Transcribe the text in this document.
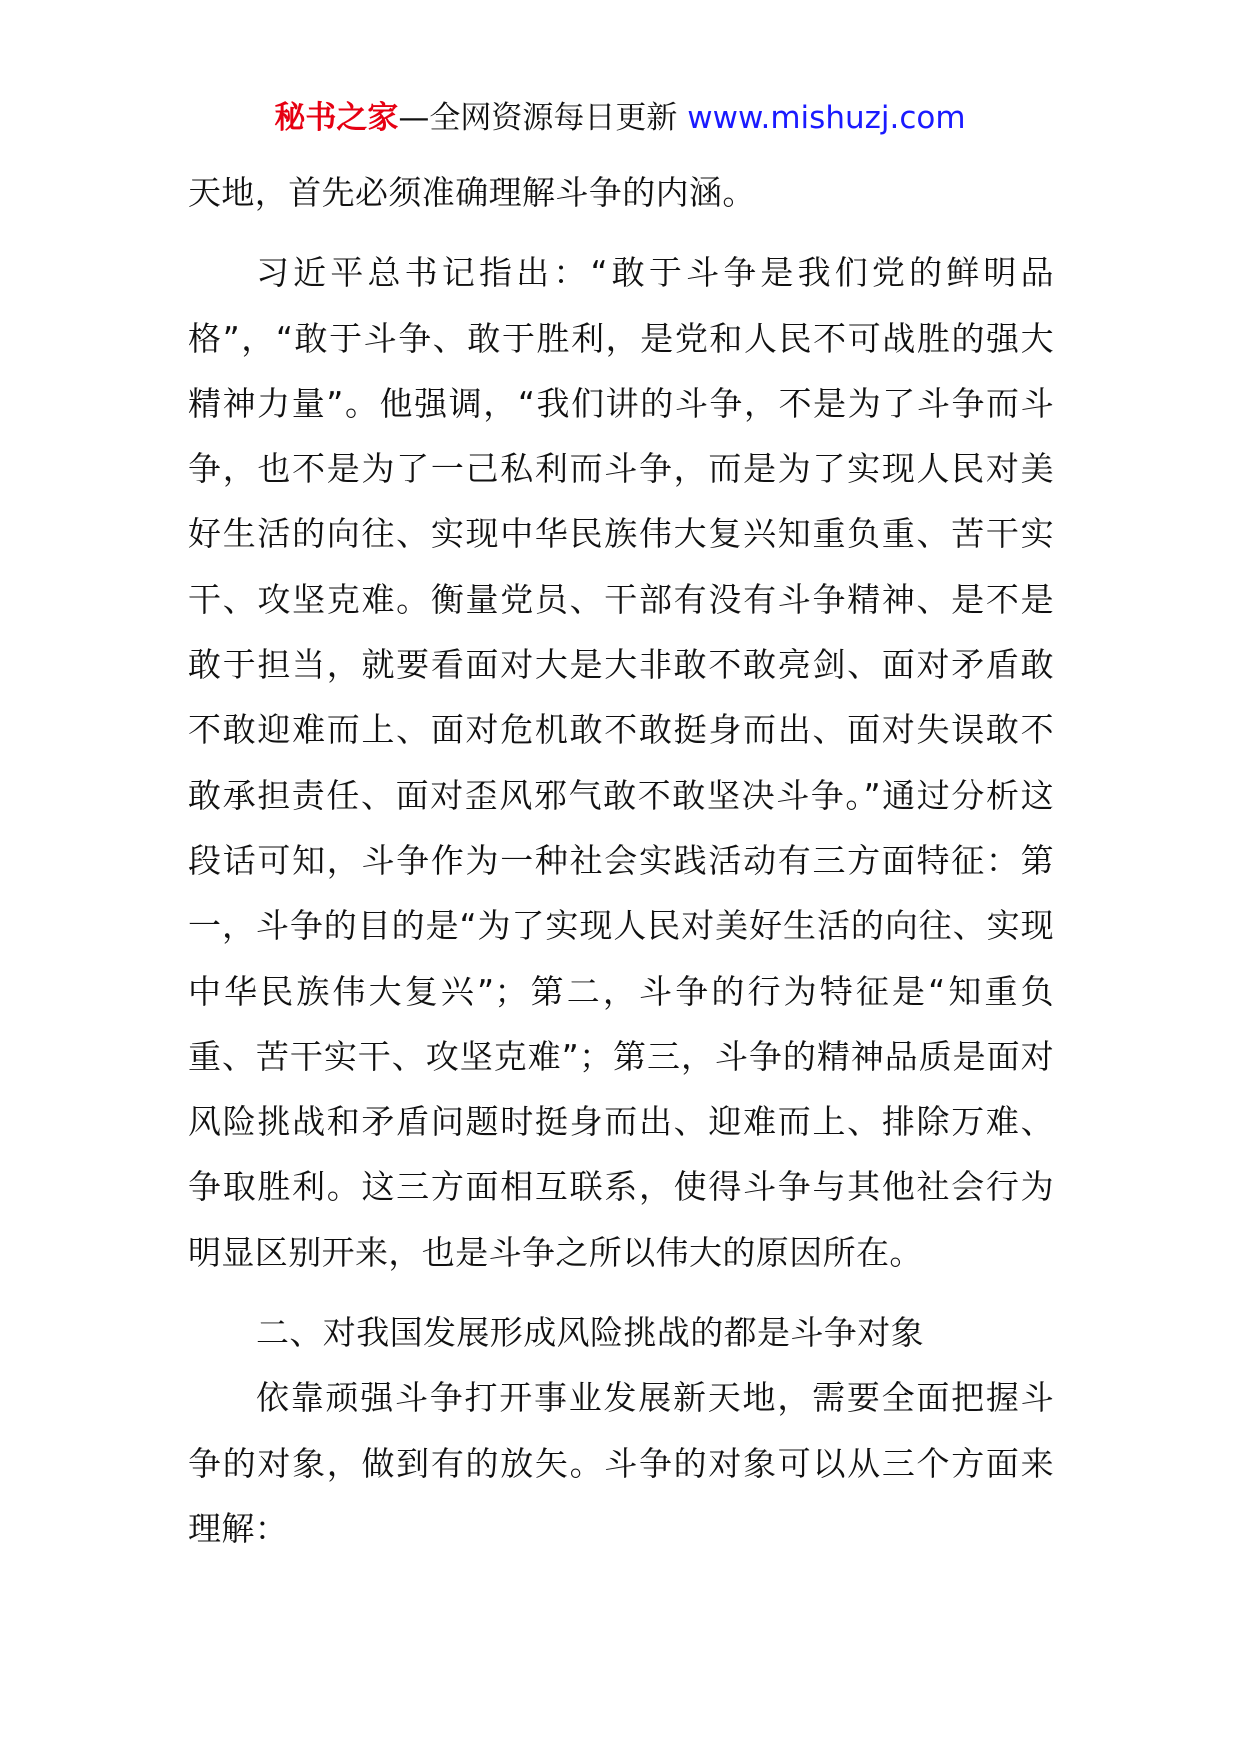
秘书之家—全网资源每日更新 www.mishuzj.com

天地，首先必须准确理解斗争的内涵。

习近平总书记指出：“敢于斗争是我们党的鲜明品格”，“敢于斗争、敢于胜利，是党和人民不可战胜的强大精神力量”。他强调，“我们讲的斗争，不是为了斗争而斗争，也不是为了一己私利而斗争，而是为了实现人民对美好生活的向往、实现中华民族伟大复兴知重负重、苦干实干、攻坚克难。衡量党员、干部有没有斗争精神、是不是敢于担当，就要看面对大是大非敢不敢亮剑、面对矛盾敢不敢迎难而上、面对危机敢不敢挺身而出、面对失误敢不敢承担责任、面对歪风邪气敢不敢坚决斗争。”通过分析这段话可知，斗争作为一种社会实践活动有三方面特征：第一，斗争的目的是“为了实现人民对美好生活的向往、实现中华民族伟大复兴”；第二，斗争的行为特征是“知重负重、苦干实干、攻坚克难”；第三，斗争的精神品质是面对风险挑战和矛盾问题时挺身而出、迎难而上、排除万难、争取胜利。这三方面相互联系，使得斗争与其他社会行为明显区别开来，也是斗争之所以伟大的原因所在。

二、对我国发展形成风险挑战的都是斗争对象

依靠顽强斗争打开事业发展新天地，需要全面把握斗争的对象，做到有的放矢。斗争的对象可以从三个方面来理解：
